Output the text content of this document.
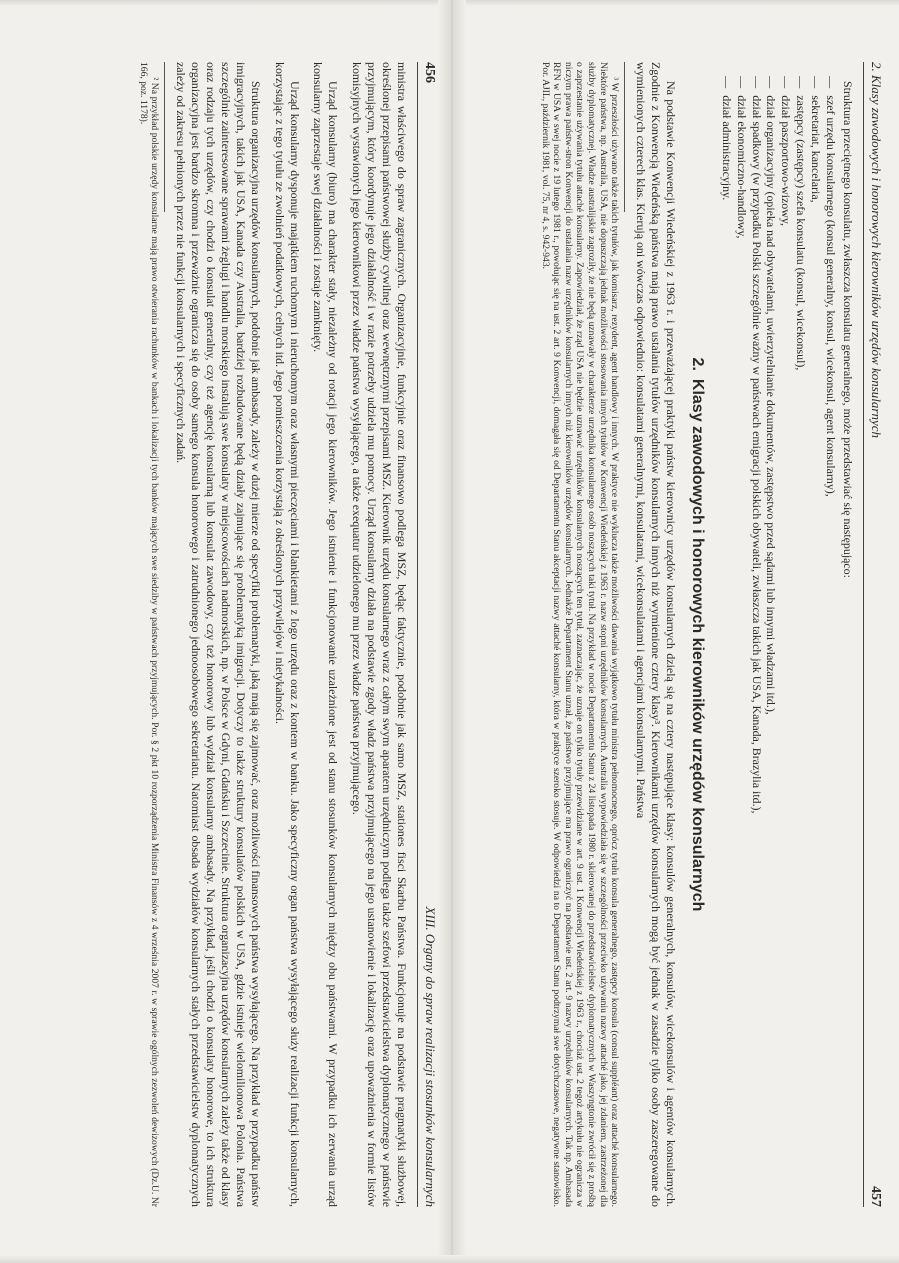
456
XIII. Organy do spraw realizacji stosunków konsularnych

ministra właściwego do spraw zagranicznych. Organizacyjnie, funkcyjnie oraz finansowo podlega MSZ, będąc faktycznie, podobnie jak samo MSZ, stationes fisci Skarbu Państwa. Funkcjonuje na podstawie pragmatyki służbowej, określonej przepisami państwowej służby cywilnej oraz wewnętrznymi przepisami MSZ. Kierownik urzędu konsularnego wraz z całym swym aparatem urzędniczym podlega także szefowi przedstawicielstwa dyplomatycznego w państwie przyjmującym, który koordynuje jego działalność i w razie potrzeby udziela mu pomocy. Urząd konsularny działa na podstawie zgody władz państwa przyjmującego na jego ustanowienie i lokalizację oraz upoważnienia w formie listów komisyjnych wystawionych jego kierownikowi przez władze państwa wysyłającego, a także exequatur udzielonego mu przez władze państwa przyjmującego.

Urząd konsularny (biuro) ma charakter stały, niezależny od rotacji jego kierowników. Jego istnienie i funkcjonowanie uzależnione jest od stanu stosunków konsularnych między obu państwami. W przypadku ich zerwania urząd konsularny zaprzestaje swej działalności i zostaje zamknięty.

Urząd konsularny dysponuje majątkiem ruchomym i nieruchomym oraz własnymi pieczęciami i blankietami z logo urzędu oraz z kontem w banku. Jako specyficzny organ państwa wysyłającego służy realizacji funkcji konsularnych, korzystając z tego tytułu ze zwolnień podatkowych, celnych itd. Jego pomieszczenia korzystają z określonych przywilejów i nietykalności.

Struktura organizacyjna urzędów konsularnych, podobnie jak ambasady, zależy w dużej mierze od specyfiki problematyki, jaką mają się zajmować, oraz możliwości finansowych państwa wysyłającego. Na przykład w przypadku państw imigracyjnych, takich jak USA, Kanada czy Australia, bardziej rozbudowane będą działy zajmujące się problematyką imigracji. Dotyczy to także struktury konsulatów polskich w USA, gdzie istnieje wielomilionowa Polonia. Państwa szczególnie zainteresowane sprawami żeglugi i handlu morskiego instalują swe konsulaty w miejscowościach nadmorskich, np. w Polsce w Gdyni, Gdańsku i Szczecinie. Struktura organizacyjna urzędów konsularnych zależy także od klasy oraz rodzaju tych urzędów, czy chodzi o konsulat generalny, czy też agencję konsularną lub konsulat zawodowy, czy też honorowy lub wydział konsularny ambasady. Na przykład, jeśli chodzi o konsulaty honorowe, to ich struktura organizacyjna jest bardzo skromna i przeważnie ogranicza się do osoby samego konsula honorowego i zatrudnionego jednoosobowego sekretariatu. Natomiast obsada wydziałów konsularnych stałych przedstawicielstw dyplomatycznych zależy od zakresu pełnionych przez nie funkcji konsularnych i specyficznych zadań.

² Na przykład polskie urzędy konsularne mają prawo otwierania rachunków w bankach i lokalizacji tych banków mających swe siedziby w państwach przyjmujących. Por. § 2 pkt 10 rozporządzenia Ministra Finansów z 4 września 2007 r. w sprawie ogólnych zezwoleń dewizowych (Dz.U. Nr 166, poz. 1178).	2. Klasy zawodowych i honorowych kierowników urzędów konsularnych
457

Struktura przeciętnego konsulatu, zwłaszcza konsulatu generalnego, może przedstawiać się następująco:

—szef urzędu konsularnego (konsul generalny, konsul, wicekonsul, agent konsularny),
—sekretariat, kancelaria,
—zastępcy (zastępcy) szefa konsulatu (konsul, wicekonsul),
—dział paszportowo-wizowy,
—dział organizacyjny (opieka nad obywatelami, uwierzytelnianie dokumentów, zastępstwo przed sądami lub innymi władzami itd.),
—dział spadkowy (w przypadku Polski szczególnie ważny w państwach emigracji polskich obywateli, zwłaszcza takich jak USA, Kanada, Brazylia itd.),
—dział ekonomiczno-handlowy,
—dział administracyjny.
2.Klasy zawodowych i honorowych kierowników urzędów konsularnych

Na podstawie Konwencji Wiedeńskiej z 1963 r. i przeważającej praktyki państw kierownicy urzędów konsularnych dzielą się na cztery następujące klasy: konsulów generalnych, konsulów, wicekonsulów i agentów konsularnych. Zgodnie z Konwencją Wiedeńską państwa mają prawo ustalania tytułów urzędników konsularnych innych niż wymienione cztery klasy³. Kierownikami urzędów konsularnych mogą być jednak w zasadzie tylko osoby zaszeregowane do wymienionych czterech klas. Kierują oni wówczas odpowiednio: konsulatami generalnymi, konsulatami, wicekonsulatami i agencjami konsularnymi. Państwa

³ W przeszłości używano także takich tytułów, jak komisarz, rezydent, agent handlowy i innych. W praktyce nie wyklucza także możliwości dawania wyjątkowo tytułu ministra pełnomocnego, oprócz tytułu konsula generalnego, zastępcy konsula (consul suppléant) oraz attaché konsularnego. Niektóre państwa, np. Australia, USA, nie dopuszczają jednak możliwości stosowania innych tytułów w Konwencji Wiedeńskiej z 1963 r. nazw stopni urzędników konsularnych. Australia wypowiedziała się w szczególności przeciwko używaniu nazwy attaché jako, jej zdaniem, zastrzeżonej dla służby dyplomatycznej. Władze australijskie zagroziły, że nie będą uznawały w charakterze urzędnika konsularnego osób noszących taki tytuł. Na przykład w nocie Departamentu Stanu z 24 listopada 1980 r. skierowanej do przedstawicielstw dyplomatycznych w Waszyngtonie zwrócił się z prośbą o zaprzestanie używania tytułu attaché konsularny. Zapowiedział, że rząd USA nie będzie uznawać urzędników konsularnych noszących ten tytuł, zaznaczając, że uznaje on tylko tytuły przewidziane w art. 9 ust. 1 Konwencji Wiedeńskiej z 1963 r., chociaż ust. 2 tegoż artykułu nie ogranicza w niczym prawa państw-stron Konwencji do ustalania nazw urzędników konsularnych innych niż kierowników urzędów konsularnych. Jednakże Departament Stanu uznał, że państwo przyjmujące ma prawo ograniczyć na podstawie ust. 2 art. 9 nazwy urzędników konsularnych. Tak np. Ambasada RFN w USA w swej nocie z 19 lutego 1981 r., powołując się na ust. 2 art. 9 Konwencji, domagała się od Departamentu Stanu akceptacji nazwy attaché konsularny, która w praktyce szeroko stosuje. W odpowiedzi na to Departament Stanu podtrzymał swe dotychczasowe, negatywne stanowisko. Por. AJIL, październik 1981, vol. 75, nr 4, s. 942-943.
